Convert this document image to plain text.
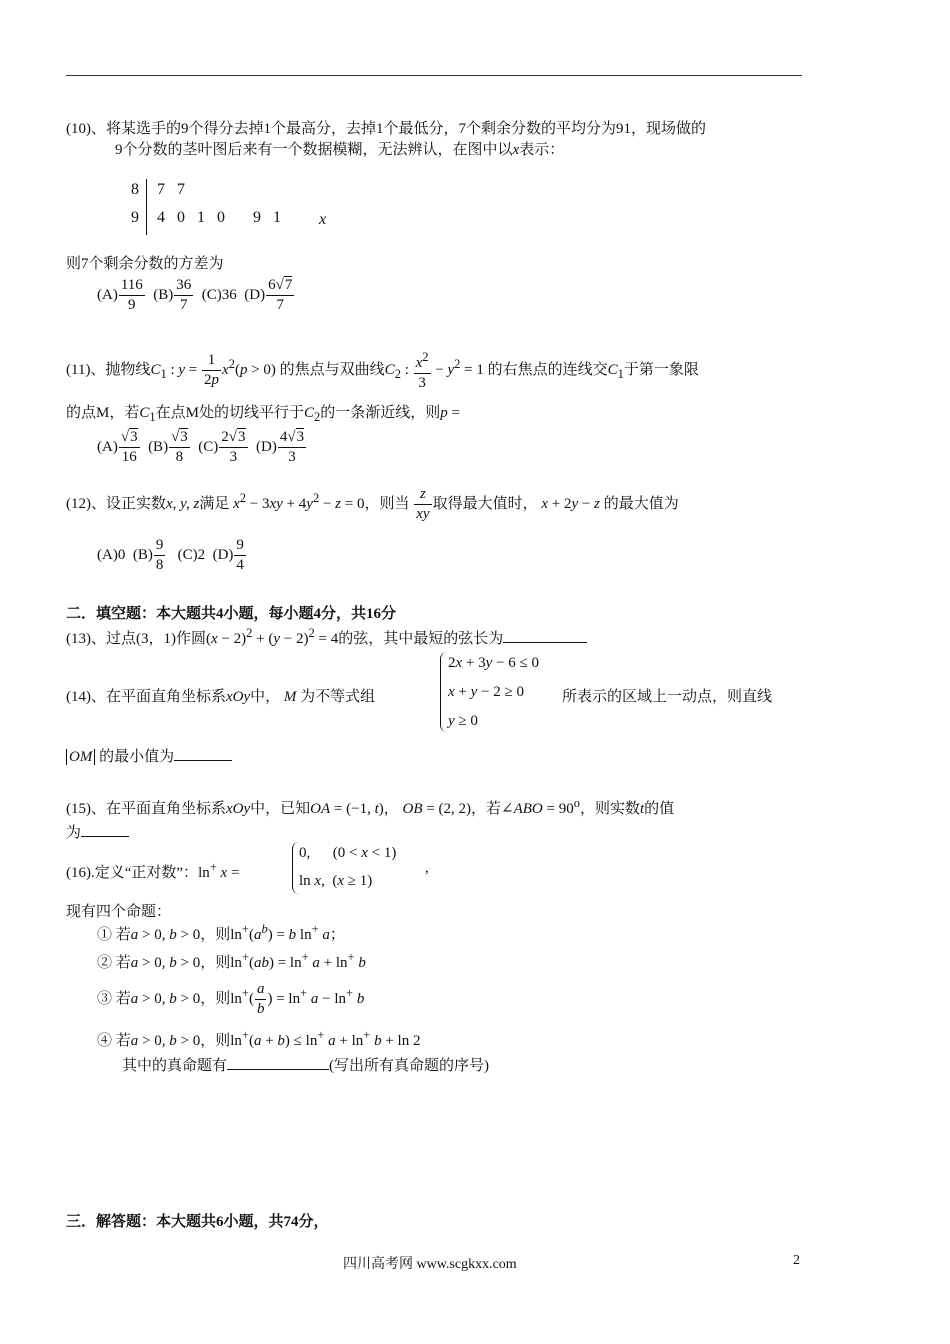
(10)、将某选手的9个得分去掉1个最高分，去掉1个最低分，7个剩余分数的平均分为91，现场做的
9个分数的茎叶图后来有一个数据模糊，无法辨认，在图中以x表示：
8 7   7
9 4   0   1   0       9   1 x
则7个剩余分数的方差为
$(A) \frac{116}{9} (B) \frac{36}{7} (C)36$ $(D) \frac{6√7}{7}$
(11)、抛物线$C_1$ : $y = \frac{1}{2p} x^2(p > 0)$ 的焦点与双曲线$C_2$ : $\frac{x^2}{3} - y^2 = 1$ 的右焦点的连线交$C_1$于第一象限
的点M，若$C_1$在点M处的切线平行于$C_2$的一条渐近线，则p =
$(A) \frac{√3}{16} (B) \frac{√3}{8} (C) \frac{2√3}{3} (D) \frac{4√3}{3}$
(12)、设正实数x, y, z满足 $x^2 - 3xy + 4y^2 - z = 0$，则当 $\frac{z}{xy}$ 取得最大值时， x + 2y − z 的最大值为
(A)0 $(B) \frac{9}{8} (C)2$ $(D) \frac{9}{4}$
二．填空题：本大题共4小题，每小题4分，共16分
(13)、过点(3，1)作圆$(x - 2)^2 + (y - 2)^2 = 4$的弦，其中最短的弦长为
(14)、在平面直角坐标系xOy中， M 为不等式组
2x + 3y − 6 ≤ 0
x + y − 2 ≥ 0
y ≥ 0
所表示的区域上一动点，则直线
OM 的最小值为
(15)、在平面直角坐标系xOy中，已知OA = (−1, t)， OB = (2, 2)，若∠ABO = $90^o$，则实数t的值
为
(16).定义“正对数”：ln+ x =
0,      (0 < x < 1)
ln x,  (x ≥ 1)
,
现有四个命题：
① 若a > 0, b > 0，则$\ln^+(a^b) = b$ ln+ a；
② 若a > 0, b > 0，则ln+(ab) = ln+ a + ln+ b
③ 若a > 0, b > 0，则$\ln^+( \frac{a}{b}$ ) = ln+ a − ln+ b
④ 若a > 0, b > 0，则ln+(a + b) ≤ ln+ a + ln+ b + ln 2
其中的真命题有	(写出所有真命题的序号)
三．解答题：本大题共6小题，共74分，
四川高考网 www.scgkxx.com	2
